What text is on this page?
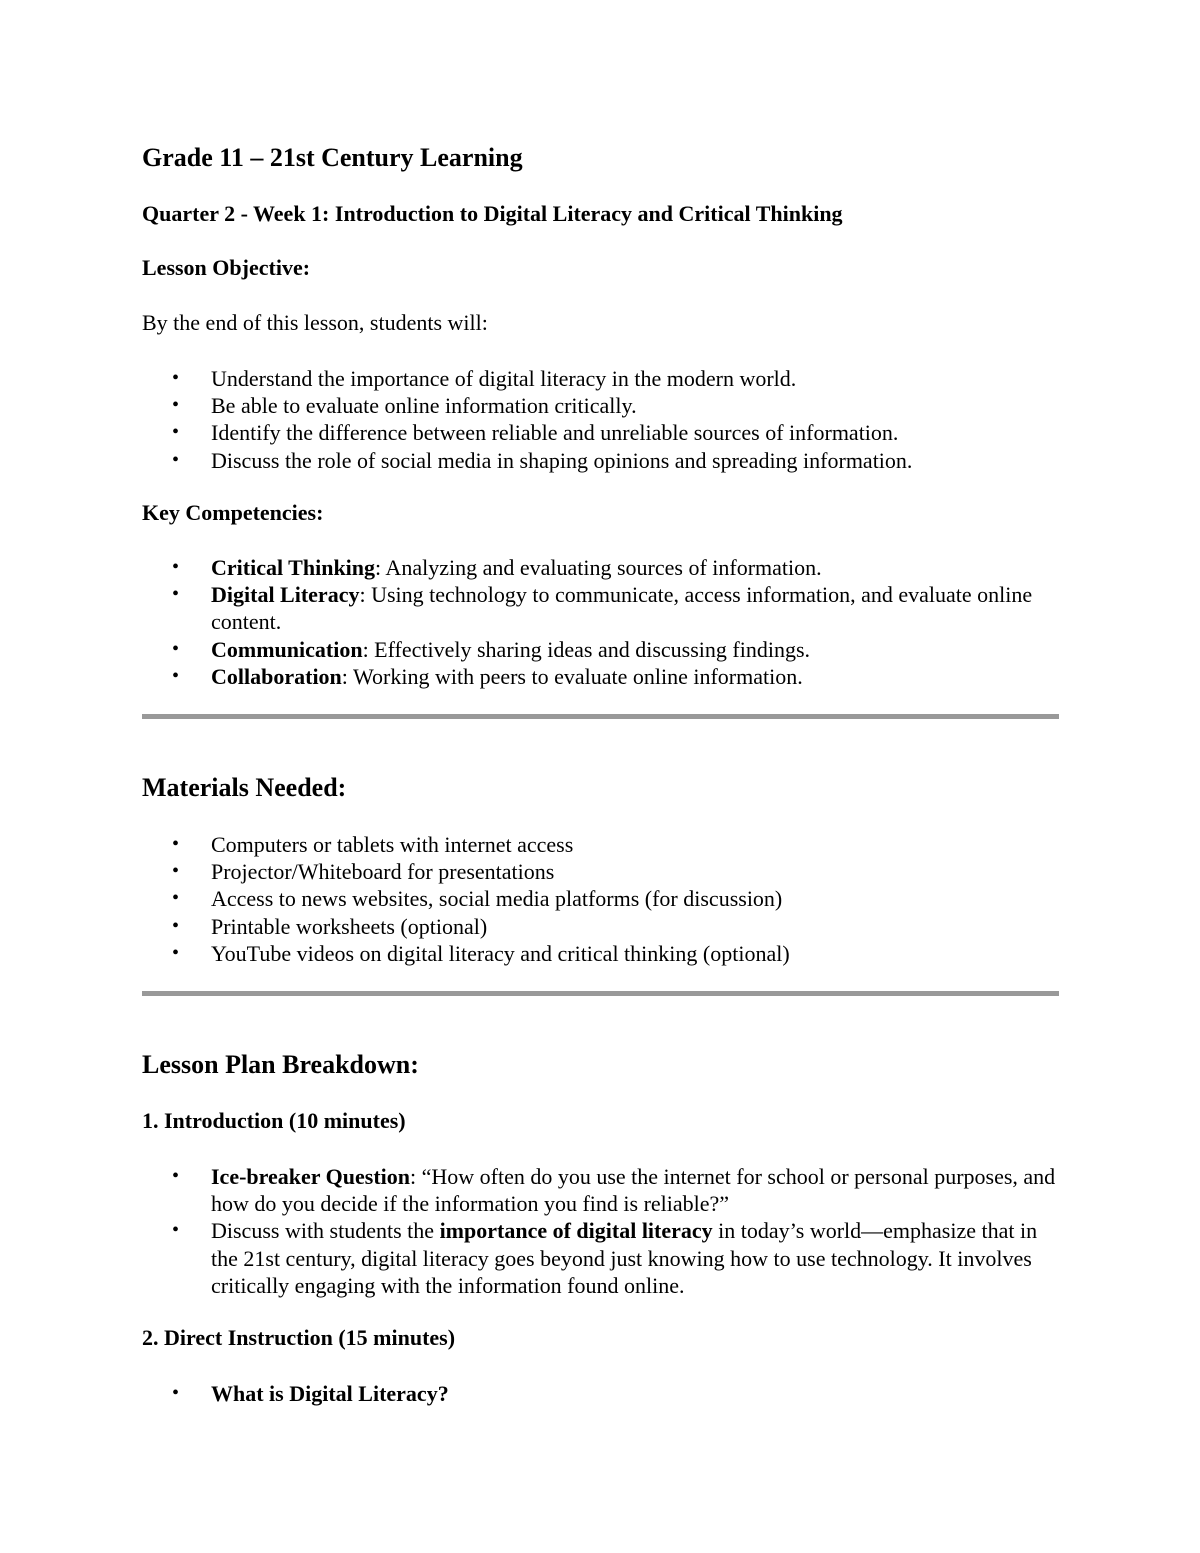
Grade 11 – 21st Century Learning
Quarter 2 - Week 1: Introduction to Digital Literacy and Critical Thinking
Lesson Objective:
By the end of this lesson, students will:
• Understand the importance of digital literacy in the modern world.
• Be able to evaluate online information critically.
• Identify the difference between reliable and unreliable sources of information.
• Discuss the role of social media in shaping opinions and spreading information.
Key Competencies:
• Critical Thinking: Analyzing and evaluating sources of information.
• Digital Literacy: Using technology to communicate, access information, and evaluate online content.
• Communication: Effectively sharing ideas and discussing findings.
• Collaboration: Working with peers to evaluate online information.
Materials Needed:
• Computers or tablets with internet access
• Projector/Whiteboard for presentations
• Access to news websites, social media platforms (for discussion)
• Printable worksheets (optional)
• YouTube videos on digital literacy and critical thinking (optional)
Lesson Plan Breakdown:
1. Introduction (10 minutes)
• Ice-breaker Question: “How often do you use the internet for school or personal purposes, and how do you decide if the information you find is reliable?”
• Discuss with students the importance of digital literacy in today’s world—emphasize that in the 21st century, digital literacy goes beyond just knowing how to use technology. It involves critically engaging with the information found online.
2. Direct Instruction (15 minutes)
• What is Digital Literacy?
